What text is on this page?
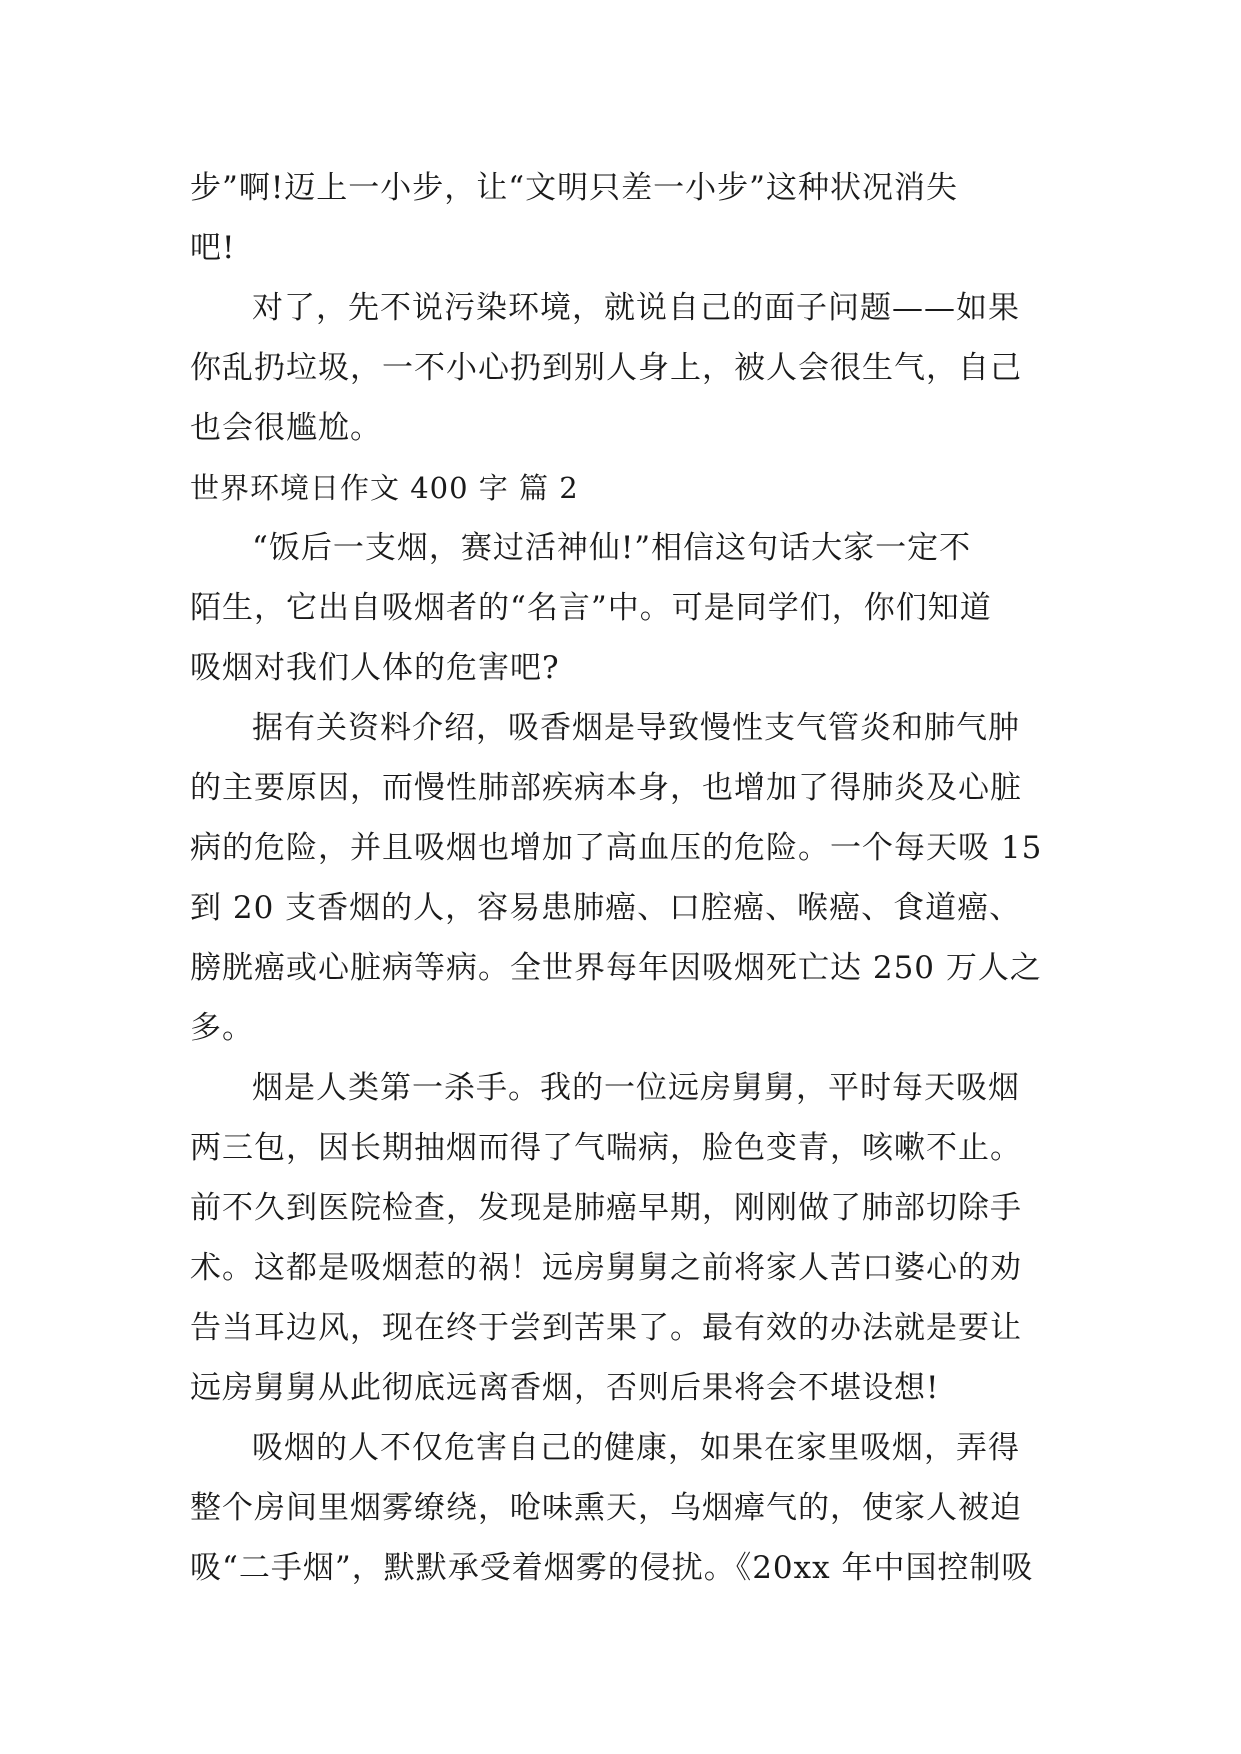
步”啊!迈上一小步，让“文明只差一小步”这种状况消失
吧!
对了，先不说污染环境，就说自己的面子问题——如果
你乱扔垃圾，一不小心扔到别人身上，被人会很生气，自己
也会很尴尬。
世界环境日作文 400 字 篇 2
“饭后一支烟，赛过活神仙!”相信这句话大家一定不
陌生，它出自吸烟者的“名言”中。可是同学们，你们知道
吸烟对我们人体的危害吧?
据有关资料介绍，吸香烟是导致慢性支气管炎和肺气肿
的主要原因，而慢性肺部疾病本身，也增加了得肺炎及心脏
病的危险，并且吸烟也增加了高血压的危险。一个每天吸 15
到 20 支香烟的人，容易患肺癌、口腔癌、喉癌、食道癌、
膀胱癌或心脏病等病。全世界每年因吸烟死亡达 250 万人之
多。
烟是人类第一杀手。我的一位远房舅舅，平时每天吸烟
两三包，因长期抽烟而得了气喘病，脸色变青，咳嗽不止。
前不久到医院检查，发现是肺癌早期，刚刚做了肺部切除手
术。这都是吸烟惹的祸！远房舅舅之前将家人苦口婆心的劝
告当耳边风，现在终于尝到苦果了。最有效的办法就是要让
远房舅舅从此彻底远离香烟，否则后果将会不堪设想!
吸烟的人不仅危害自己的健康，如果在家里吸烟，弄得
整个房间里烟雾缭绕，呛味熏天，乌烟瘴气的，使家人被迫
吸“二手烟”，默默承受着烟雾的侵扰。《20xx 年中国控制吸
